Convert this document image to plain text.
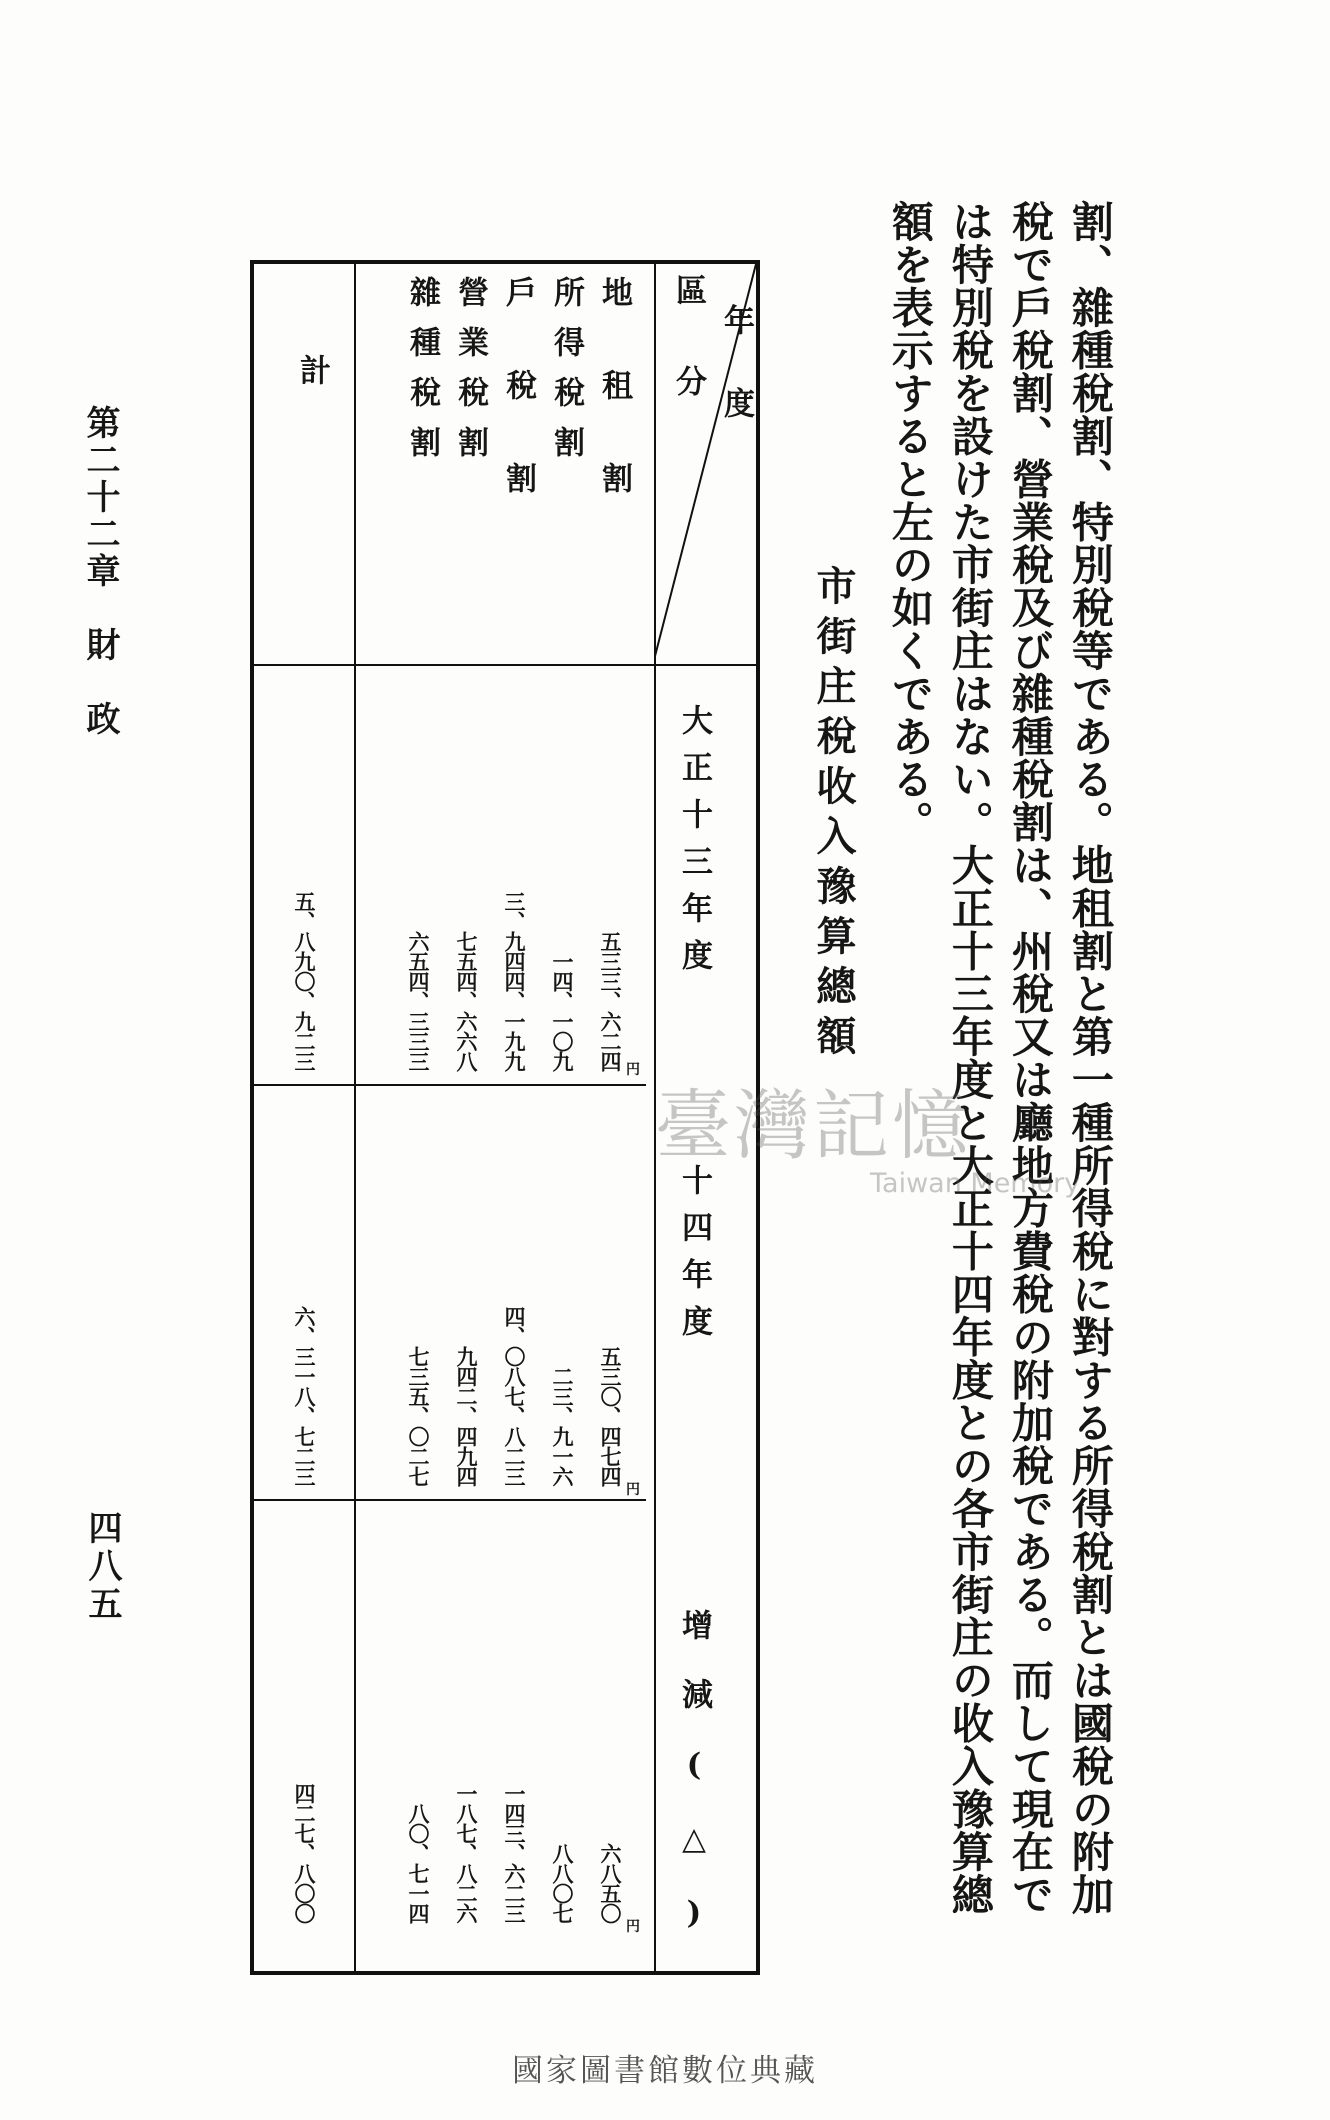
割、雜種稅割、特別稅等である。地租割と第一種所得稅に對する所得稅割とは國稅の附加
稅で戶稅割、營業稅及び雜種稅割は、州稅又は廳地方費稅の附加稅である。而して現在で
は特別稅を設けた市街庄はない。大正十三年度と大正十四年度との各市街庄の收入豫算總
額を表示すると左の如くである。
市街庄稅收入豫算總額
年度
區分
大正十三年度
十四年度
增減(△)
地租割
所得稅割
戶稅割
營業稅割
雜種稅割
計
五三三、六二四 円
一四、一〇九
三、九四四、一九九
七五四、六六八
六五四、三三三
五、八九〇、九二三
五三〇、四七四
円
二三、九一六
四、〇八七、八二三
九四二、四九四
七三五、〇二七
六、三一八、七二三
六八五〇
円
八八〇七
一四三、六二三
一八七、八二六
八〇、七一四
四二七、八〇〇
第二十二章　財　政
四八五
臺灣記憶
Taiwan Memory
國家圖書館數位典藏
